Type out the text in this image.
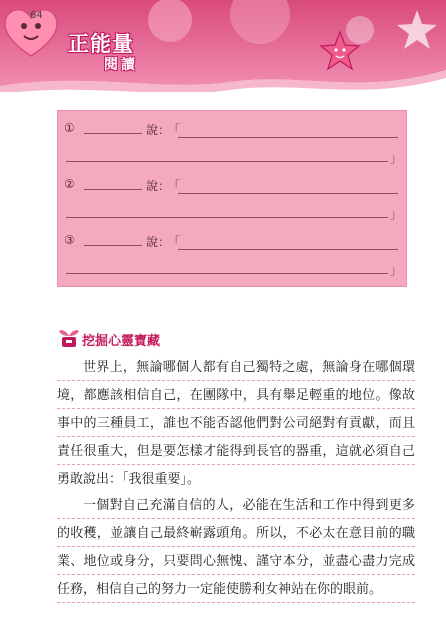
64
正能量
閱讀
①	說：
「
」
②	說：
「
」
③	說：
「
」
挖掘心靈寶藏
世界上，無論哪個人都有自己獨特之處，無論身在哪個環境，都應該相信自己，在團隊中，具有舉足輕重的地位。像故事中的三種員工，誰也不能否認他們對公司絕對有貢獻，而且責任很重大，但是要怎樣才能得到長官的器重，這就必須自己勇敢說出：「我很重要」。
一個對自己充滿自信的人，必能在生活和工作中得到更多的收穫，並讓自己最終嶄露頭角。所以，不必太在意目前的職業、地位或身分，只要問心無愧、謹守本分，並盡心盡力完成任務，相信自己的努力一定能使勝利女神站在你的眼前。
